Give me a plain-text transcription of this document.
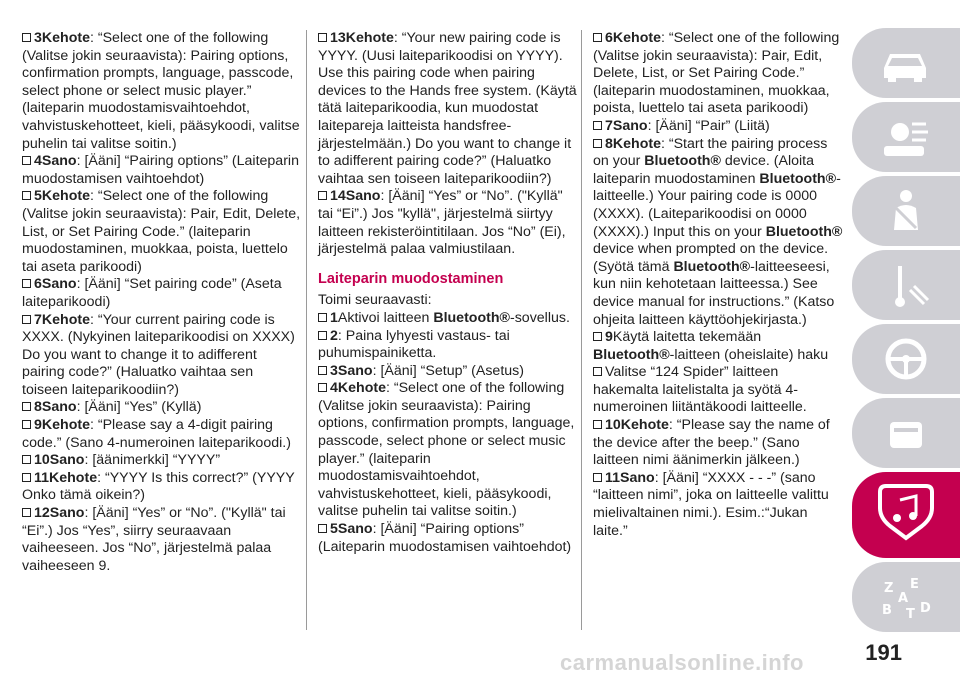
3Kehote: “Select one of the following (Valitse jokin seuraavista): Pairing options, confirmation prompts, language, passcode, select phone or select music player.” (laiteparin muodostamisvaihtoehdot, vahvistuskehotteet, kieli, pääsykoodi, valitse puhelin tai valitse soitin.)

4Sano: [Ääni] “Pairing options” (Laiteparin muodostamisen vaihtoehdot)

5Kehote: “Select one of the following (Valitse jokin seuraavista): Pair, Edit, Delete, List, or Set Pairing Code.” (laiteparin muodostaminen, muokkaa, poista, luettelo tai aseta parikoodi)

6Sano: [Ääni] “Set pairing code” (Aseta laiteparikoodi)

7Kehote: “Your current pairing code is XXXX. (Nykyinen laiteparikoodisi on XXXX) Do you want to change it to adifferent pairing code?” (Haluatko vaihtaa sen toiseen laiteparikoodiin?)

8Sano: [Ääni] “Yes” (Kyllä)

9Kehote: “Please say a 4-digit pairing code.” (Sano 4-numeroinen laiteparikoodi.)

10Sano: [äänimerkki] “YYYY”

11Kehote: “YYYY Is this correct?” (YYYY Onko tämä oikein?)

12Sano: [Ääni] “Yes” or “No”. ("Kyllä" tai “Ei”.) Jos “Yes”, siirry seuraavaan vaiheeseen. Jos “No”, järjestelmä palaa vaiheeseen 9.

13Kehote: “Your new pairing code is YYYY. (Uusi laiteparikoodisi on YYYY). Use this pairing code when pairing devices to the Hands free system. (Käytä tätä laiteparikoodia, kun muodostat laitepareja laitteista handsfree-järjestelmään.) Do you want to change it to adifferent pairing code?” (Haluatko vaihtaa sen toiseen laiteparikoodiin?)

14Sano: [Ääni] “Yes” or “No”. ("Kyllä" tai “Ei”.) Jos "kyllä", järjestelmä siirtyy laitteen rekisteröintitilaan. Jos “No” (Ei), järjestelmä palaa valmiustilaan.

Laiteparin muodostaminen

Toimi seuraavasti:

1Aktivoi laitteen Bluetooth®-sovellus.

2: Paina lyhyesti vastaus- tai puhumispainiketta.

3Sano: [Ääni] “Setup” (Asetus)

4Kehote: “Select one of the following (Valitse jokin seuraavista): Pairing options, confirmation prompts, language, passcode, select phone or select music player.” (laiteparin muodostamisvaihtoehdot, vahvistuskehotteet, kieli, pääsykoodi, valitse puhelin tai valitse soitin.)

5Sano: [Ääni] “Pairing options” (Laiteparin muodostamisen vaihtoehdot)

6Kehote: “Select one of the following (Valitse jokin seuraavista): Pair, Edit, Delete, List, or Set Pairing Code.” (laiteparin muodostaminen, muokkaa, poista, luettelo tai aseta parikoodi)

7Sano: [Ääni] “Pair” (Liitä)

8Kehote: “Start the pairing process on your Bluetooth® device. (Aloita laiteparin muodostaminen Bluetooth®-laitteelle.) Your pairing code is 0000 (XXXX). (Laiteparikoodisi on 0000 (XXXX).) Input this on your Bluetooth® device when prompted on the device. (Syötä tämä Bluetooth®-laitteeseesi, kun niin kehotetaan laitteessa.) See device manual for instructions.” (Katso ohjeita laitteen käyttöohjekirjasta.)

9Käytä laitetta tekemään Bluetooth®-laitteen (oheislaite) haku

Valitse “124 Spider” laitteen hakemalta laitelistalta ja syötä 4-numeroinen liitäntäkoodi laitteelle.

10Kehote: “Please say the name of the device after the beep.” (Sano laitteen nimi äänimerkin jälkeen.)

11Sano: [Ääni] “XXXX - - -” (sano “laitteen nimi”, joka on laitteelle valittu mielivaltainen nimi.). Esim.:“Jukan laite.”

Z E
A
B T D
191
carmanualsonline.info
